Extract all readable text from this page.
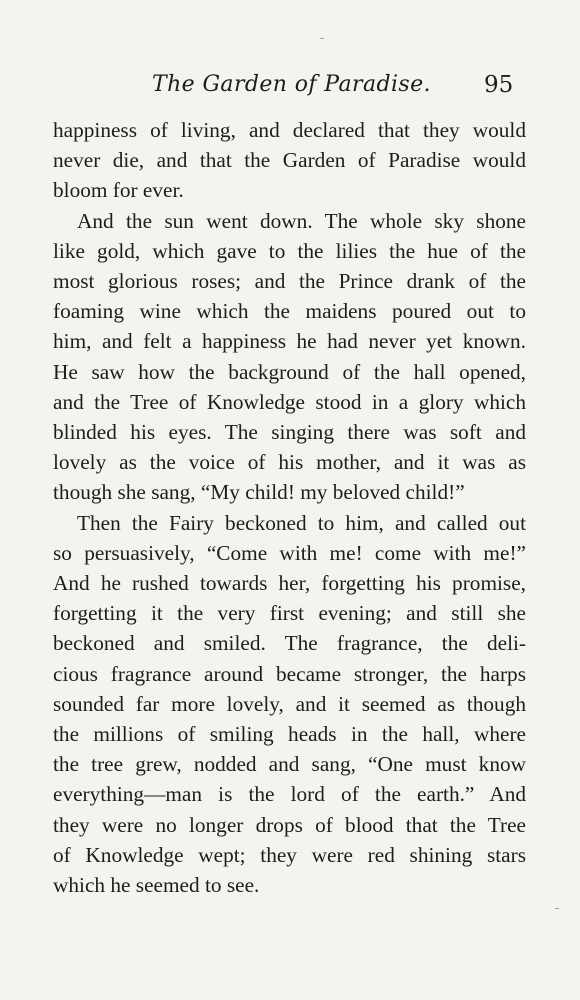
The Garden of Paradise. 95
happiness of living, and declared that they would
never die, and that the Garden of Paradise would
bloom for ever.
And the sun went down. The whole sky shone
like gold, which gave to the lilies the hue of the
most glorious roses; and the Prince drank of the
foaming wine which the maidens poured out to
him, and felt a happiness he had never yet known.
He saw how the background of the hall opened,
and the Tree of Knowledge stood in a glory which
blinded his eyes. The singing there was soft and
lovely as the voice of his mother, and it was as
though she sang, “My child! my beloved child!”
Then the Fairy beckoned to him, and called out
so persuasively, “Come with me! come with me!”
And he rushed towards her, forgetting his promise,
forgetting it the very first evening; and still she
beckoned and smiled. The fragrance, the deli-
cious fragrance around became stronger, the harps
sounded far more lovely, and it seemed as though
the millions of smiling heads in the hall, where
the tree grew, nodded and sang, “One must know
everything—man is the lord of the earth.” And
they were no longer drops of blood that the Tree
of Knowledge wept; they were red shining stars
which he seemed to see.
